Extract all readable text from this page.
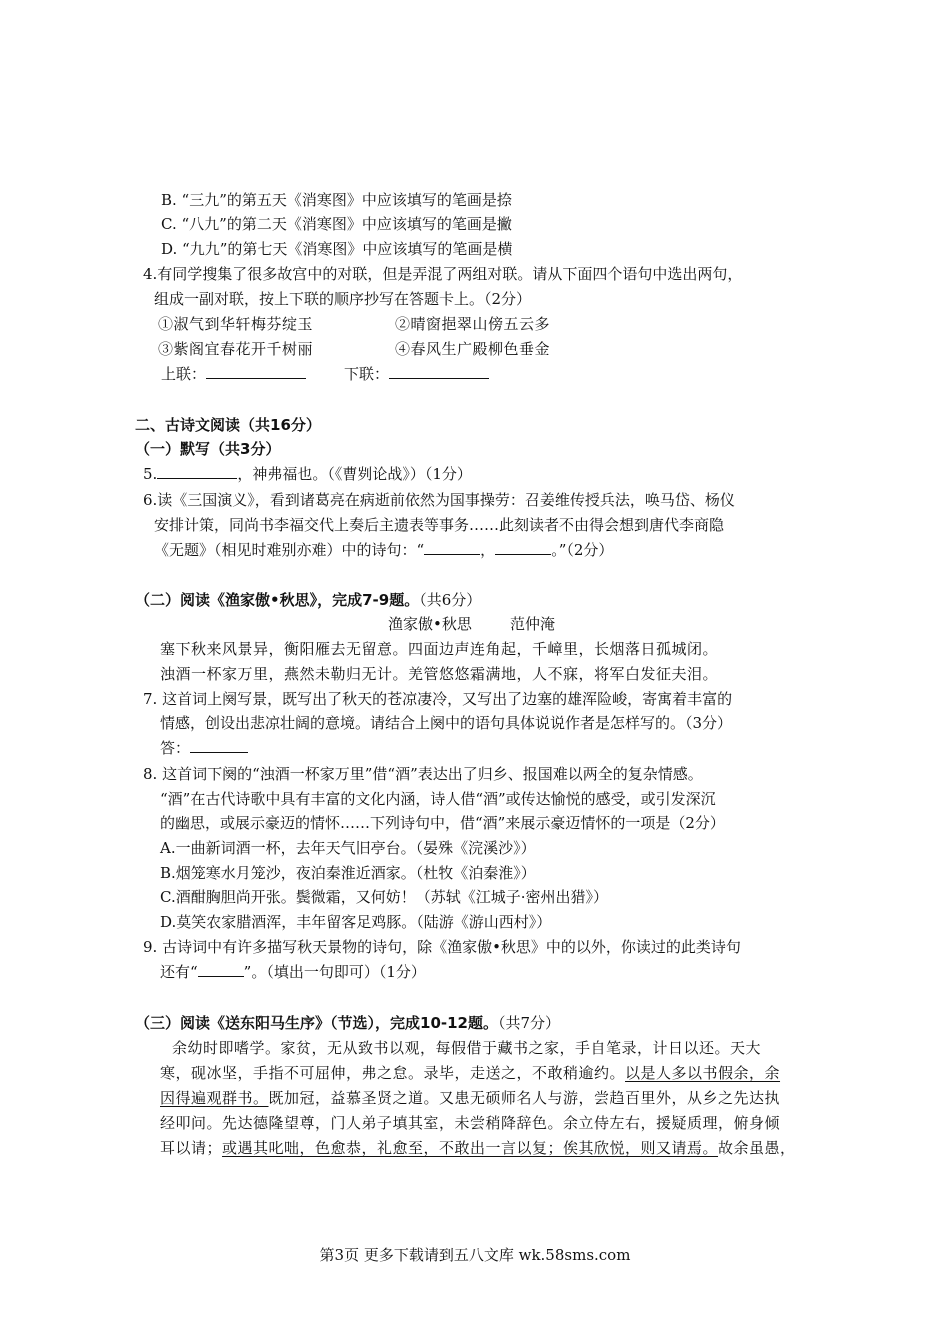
B. “三九”的第五天《消寒图》中应该填写的笔画是捺
C. “八九”的第二天《消寒图》中应该填写的笔画是撇
D. “九九”的第七天《消寒图》中应该填写的笔画是横
4.有同学搜集了很多故宫中的对联，但是弄混了两组对联。请从下面四个语句中选出两句，
组成一副对联，按上下联的顺序抄写在答题卡上。（2分）
①淑气到华轩梅芬绽玉	②晴窗挹翠山傍五云多
③紫阁宜春花开千树丽	④春风生广殿柳色垂金
上联：	下联：
二、古诗文阅读（共16分）
（一）默写（共3分）
5.	，神弗福也。（《曹刿论战》）（1分）
6.读《三国演义》，看到诸葛亮在病逝前依然为国事操劳：召姜维传授兵法，唤马岱、杨仪
安排计策，同尚书李福交代上奏后主遗表等事务……此刻读者不由得会想到唐代李商隐
《无题》（相见时难别亦难）中的诗句：“	，	。”（2分）
（二）阅读《渔家傲•秋思》，完成7-9题。（共6分）
渔家傲•秋思	范仲淹
塞下秋来风景异，衡阳雁去无留意。四面边声连角起，千嶂里，长烟落日孤城闭。
浊酒一杯家万里，燕然未勒归无计。羌管悠悠霜满地，人不寐，将军白发征夫泪。
7. 这首词上阕写景，既写出了秋天的苍凉凄冷，又写出了边塞的雄浑险峻，寄寓着丰富的
情感，创设出悲凉壮阔的意境。请结合上阕中的语句具体说说作者是怎样写的。（3分）
答：
8. 这首词下阕的“浊酒一杯家万里”借“酒”表达出了归乡、报国难以两全的复杂情感。
“酒”在古代诗歌中具有丰富的文化内涵，诗人借“酒”或传达愉悦的感受，或引发深沉
的幽思，或展示豪迈的情怀……下列诗句中，借“酒”来展示豪迈情怀的一项是（2分）
A.一曲新词酒一杯，去年天气旧亭台。（晏殊《浣溪沙》）
B.烟笼寒水月笼沙，夜泊秦淮近酒家。（杜牧《泊秦淮》）
C.酒酣胸胆尚开张。鬓微霜，又何妨！（苏轼《江城子·密州出猎》）
D.莫笑农家腊酒浑，丰年留客足鸡豚。（陆游《游山西村》）
9. 古诗词中有许多描写秋天景物的诗句，除《渔家傲•秋思》中的以外，你读过的此类诗句
还有“	”。（填出一句即可）（1分）
（三）阅读《送东阳马生序》（节选），完成10-12题。（共7分）
余幼时即嗜学。家贫，无从致书以观，每假借于藏书之家，手自笔录，计日以还。天大
寒，砚冰坚，手指不可屈伸，弗之怠。录毕，走送之，不敢稍逾约。以是人多以书假余，余
因得遍观群书。既加冠，益慕圣贤之道。又患无硕师名人与游，尝趋百里外，从乡之先达执
经叩问。先达德隆望尊，门人弟子填其室，未尝稍降辞色。余立侍左右，援疑质理，俯身倾
耳以请；或遇其叱咄，色愈恭，礼愈至，不敢出一言以复；俟其欣悦，则又请焉。故余虽愚，
第3页 更多下载请到五八文库 wk.58sms.com
